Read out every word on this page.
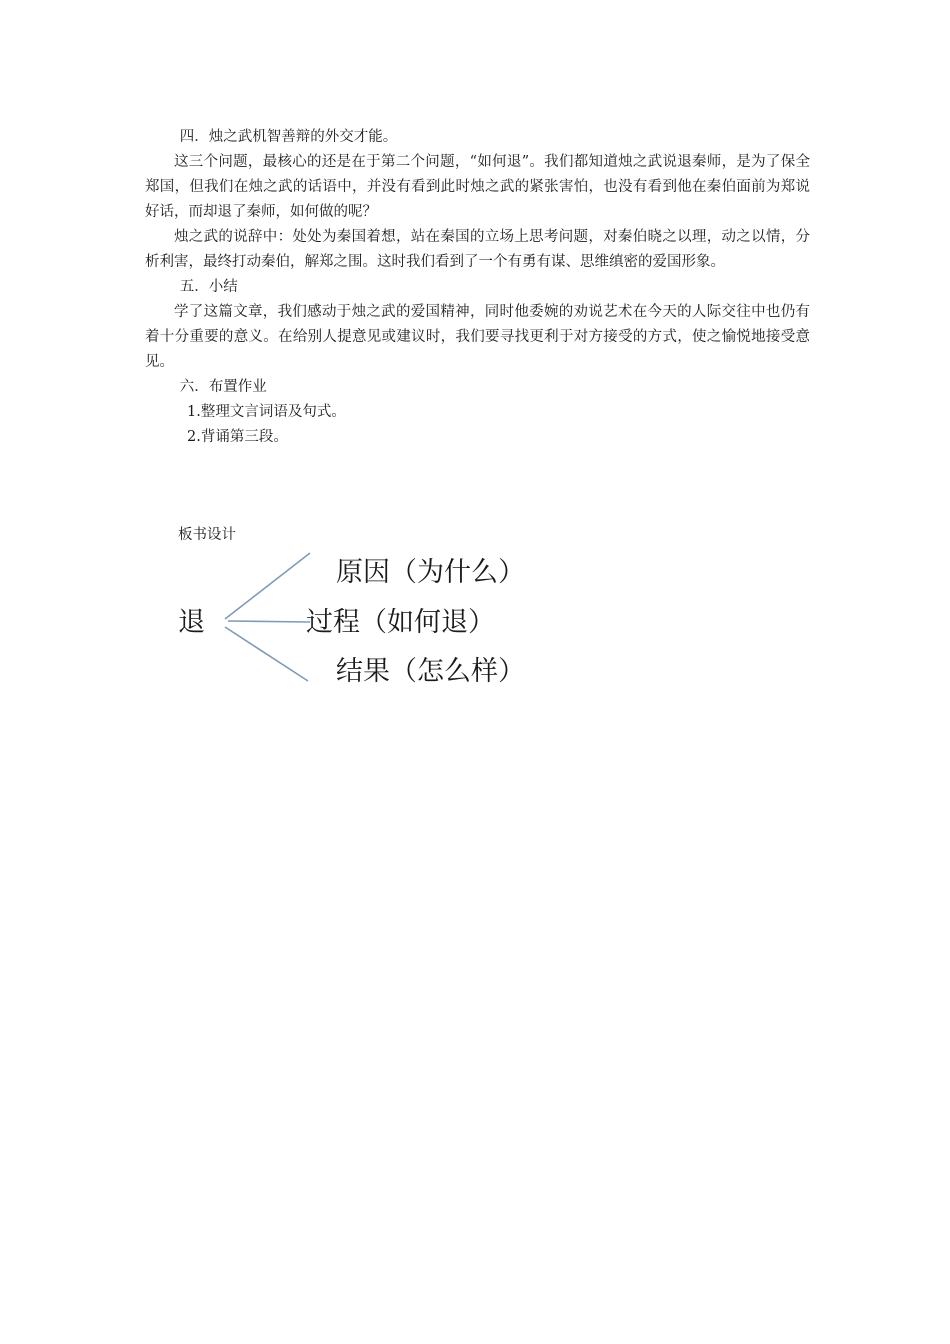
四．烛之武机智善辩的外交才能。

这三个问题，最核心的还是在于第二个问题，“如何退”。我们都知道烛之武说退秦师，是为了保全郑国，但我们在烛之武的话语中，并没有看到此时烛之武的紧张害怕，也没有看到他在秦伯面前为郑说好话，而却退了秦师，如何做的呢？

烛之武的说辞中：处处为秦国着想，站在秦国的立场上思考问题，对秦伯晓之以理，动之以情，分析利害，最终打动秦伯，解郑之围。这时我们看到了一个有勇有谋、思维缜密的爱国形象。

五．小结

学了这篇文章，我们感动于烛之武的爱国精神，同时他委婉的劝说艺术在今天的人际交往中也仍有着十分重要的意义。在给别人提意见或建议时，我们要寻找更利于对方接受的方式，使之愉悦地接受意见。

六．布置作业

1.整理文言词语及句式。

2.背诵第三段。

板书设计
退
原因（为什么）
过程（如何退）
结果（怎么样）
